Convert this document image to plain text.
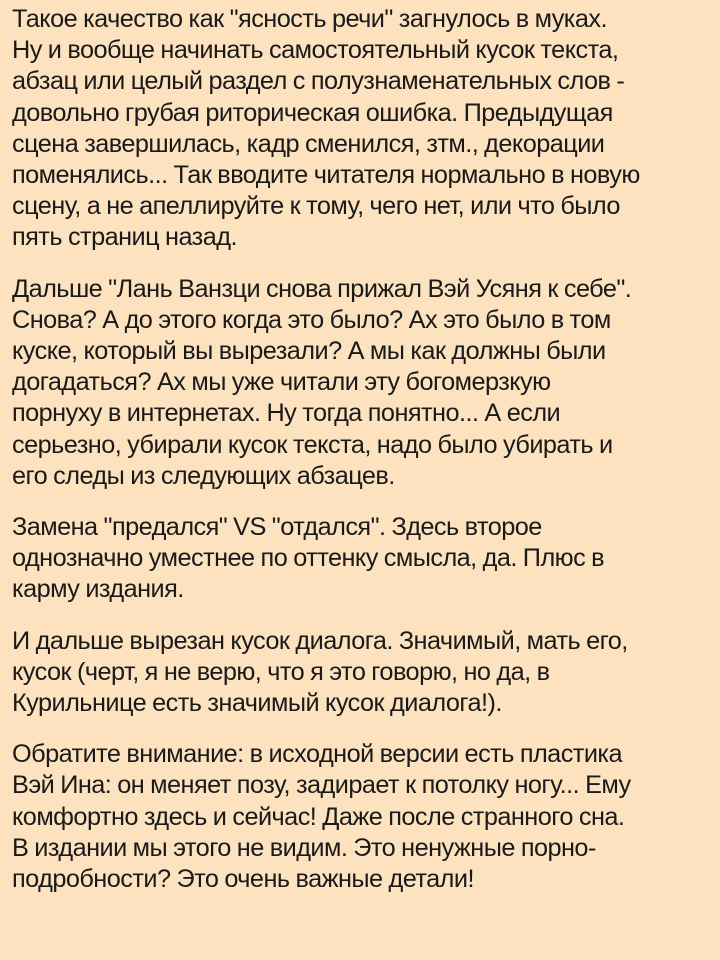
Такое качество как "ясность речи" загнулось в муках.
Ну и вообще начинать самостоятельный кусок текста,
абзац или целый раздел с полузнаменательных слов -
довольно грубая риторическая ошибка. Предыдущая
сцена завершилась, кадр сменился, зтм., декорации
поменялись... Так вводите читателя нормально в новую
сцену, а не апеллируйте к тому, чего нет, или что было
пять страниц назад.

Дальше "Лань Ванзци снова прижал Вэй Усяня к себе".
Снова? А до этого когда это было? Ах это было в том
куске, который вы вырезали? А мы как должны были
догадаться? Ах мы уже читали эту богомерзкую
порнуху в интернетах. Ну тогда понятно... А если
серьезно, убирали кусок текста, надо было убирать и
его следы из следующих абзацев.

Замена "предался" VS "отдался". Здесь второе
однозначно уместнее по оттенку смысла, да. Плюс в
карму издания.

И дальше вырезан кусок диалога. Значимый, мать его,
кусок (черт, я не верю, что я это говорю, но да, в
Курильнице есть значимый кусок диалога!).

Обратите внимание: в исходной версии есть пластика
Вэй Ина: он меняет позу, задирает к потолку ногу... Ему
комфортно здесь и сейчас! Даже после странного сна.
В издании мы этого не видим. Это ненужные порно-
подробности? Это очень важные детали!
